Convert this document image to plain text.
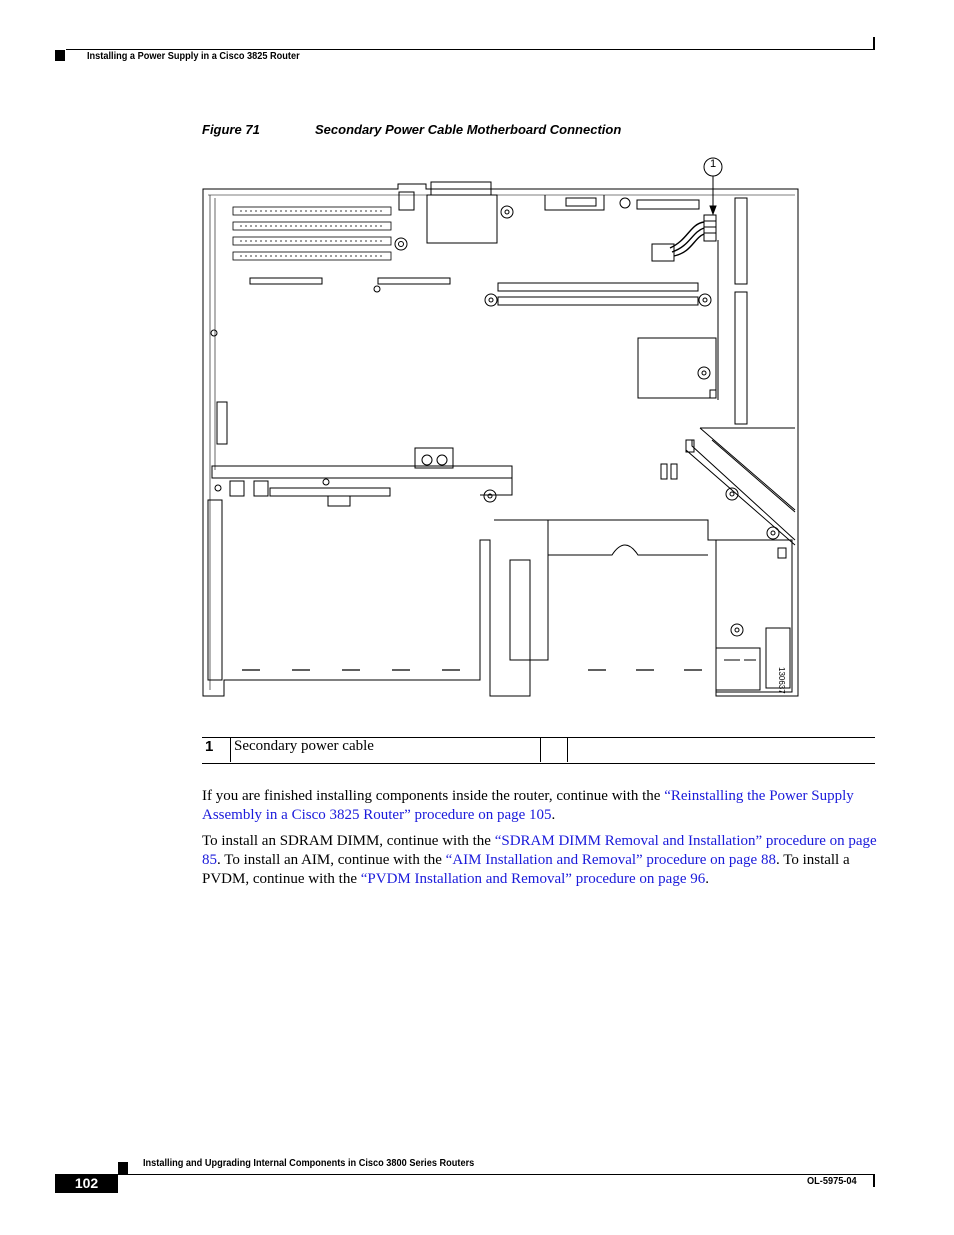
Installing a Power Supply in a Cisco 3825 Router
Figure 71	Secondary Power Cable Motherboard Connection
1
130637
1	Secondary power cable		

If you are finished installing components inside the router, continue with the “Reinstalling the Power Supply Assembly in a Cisco 3825 Router” procedure on page 105.

To install an SDRAM DIMM, continue with the “SDRAM DIMM Removal and Installation” procedure on page 85. To install an AIM, continue with the “AIM Installation and Removal” procedure on page 88. To install a PVDM, continue with the “PVDM Installation and Removal” procedure on page 96.

Installing and Upgrading Internal Components in Cisco 3800 Series Routers
102	OL-5975-04
